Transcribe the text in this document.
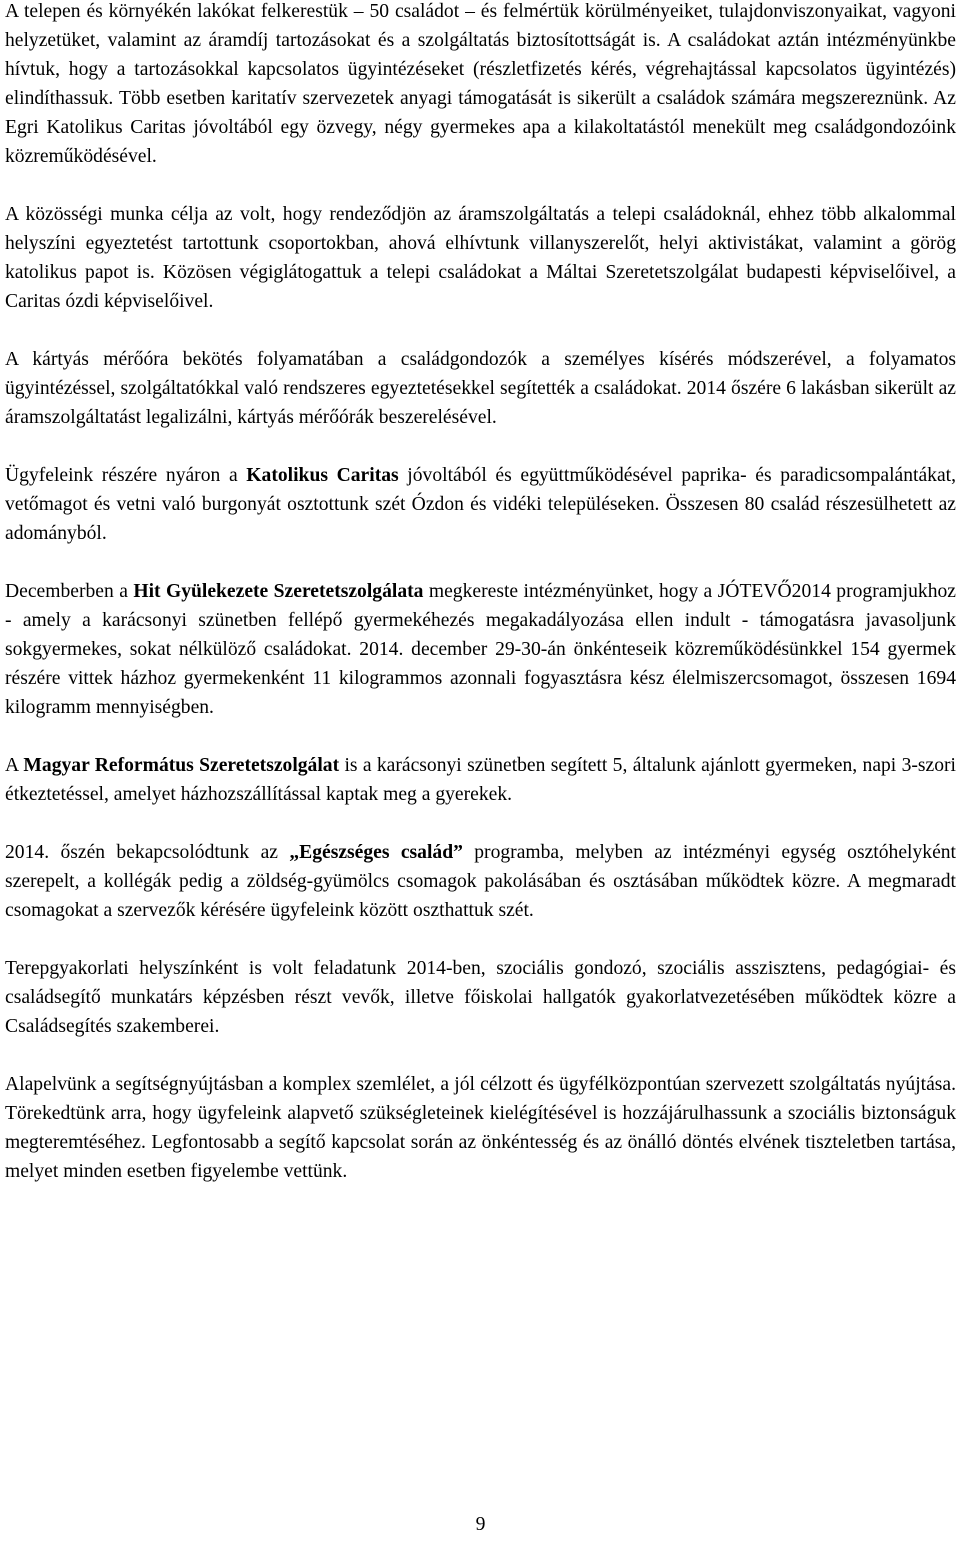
A telepen és környékén lakókat felkerestük – 50 családot – és felmértük körülményeiket, tulajdonviszonyaikat, vagyoni helyzetüket, valamint az áramdíj tartozásokat és a szolgáltatás biztosítottságát is. A családokat aztán intézményünkbe hívtuk, hogy a tartozásokkal kapcsolatos ügyintézéseket (részletfizetés kérés, végrehajtással kapcsolatos ügyintézés) elindíthassuk. Több esetben karitatív szervezetek anyagi támogatását is sikerült a családok számára megszereznünk. Az Egri Katolikus Caritas jóvoltából egy özvegy, négy gyermekes apa a kilakoltatástól menekült meg családgondozóink közreműködésével.

A közösségi munka célja az volt, hogy rendeződjön az áramszolgáltatás a telepi családoknál, ehhez több alkalommal helyszíni egyeztetést tartottunk csoportokban, ahová elhívtunk villanyszerelőt, helyi aktivistákat, valamint a görög katolikus papot is. Közösen végiglátogattuk a telepi családokat a Máltai Szeretetszolgálat budapesti képviselőivel, a Caritas ózdi képviselőivel.

A kártyás mérőóra bekötés folyamatában a családgondozók a személyes kísérés módszerével, a folyamatos ügyintézéssel, szolgáltatókkal való rendszeres egyeztetésekkel segítették a családokat. 2014 őszére 6 lakásban sikerült az áramszolgáltatást legalizálni, kártyás mérőórák beszerelésével.

Ügyfeleink részére nyáron a Katolikus Caritas jóvoltából és együttműködésével paprika- és paradicsompalántákat, vetőmagot és vetni való burgonyát osztottunk szét Ózdon és vidéki településeken. Összesen 80 család részesülhetett az adományból.

Decemberben a Hit Gyülekezete Szeretetszolgálata megkereste intézményünket, hogy a JÓTEVŐ2014 programjukhoz - amely a karácsonyi szünetben fellépő gyermekéhezés megakadályozása ellen indult - támogatásra javasoljunk sokgyermekes, sokat nélkülöző családokat. 2014. december 29-30-án önkénteseik közreműködésünkkel 154 gyermek részére vittek házhoz gyermekenként 11 kilogrammos azonnali fogyasztásra kész élelmiszercsomagot, összesen 1694 kilogramm mennyiségben.

A Magyar Református Szeretetszolgálat is a karácsonyi szünetben segített 5, általunk ajánlott gyermeken, napi 3-szori étkeztetéssel, amelyet házhozszállítással kaptak meg a gyerekek.

2014. őszén bekapcsolódtunk az „Egészséges család” programba, melyben az intézményi egység osztóhelyként szerepelt, a kollégák pedig a zöldség-gyümölcs csomagok pakolásában és osztásában működtek közre. A megmaradt csomagokat a szervezők kérésére ügyfeleink között oszthattuk szét.

Terepgyakorlati helyszínként is volt feladatunk 2014-ben, szociális gondozó, szociális asszisztens, pedagógiai- és családsegítő munkatárs képzésben részt vevők, illetve főiskolai hallgatók gyakorlatvezetésében működtek közre a Családsegítés szakemberei.

Alapelvünk a segítségnyújtásban a komplex szemlélet, a jól célzott és ügyfélközpontúan szervezett szolgáltatás nyújtása. Törekedtünk arra, hogy ügyfeleink alapvető szükségleteinek kielégítésével is hozzájárulhassunk a szociális biztonságuk megteremtéséhez. Legfontosabb a segítő kapcsolat során az önkéntesség és az önálló döntés elvének tiszteletben tartása, melyet minden esetben figyelembe vettünk.

9
